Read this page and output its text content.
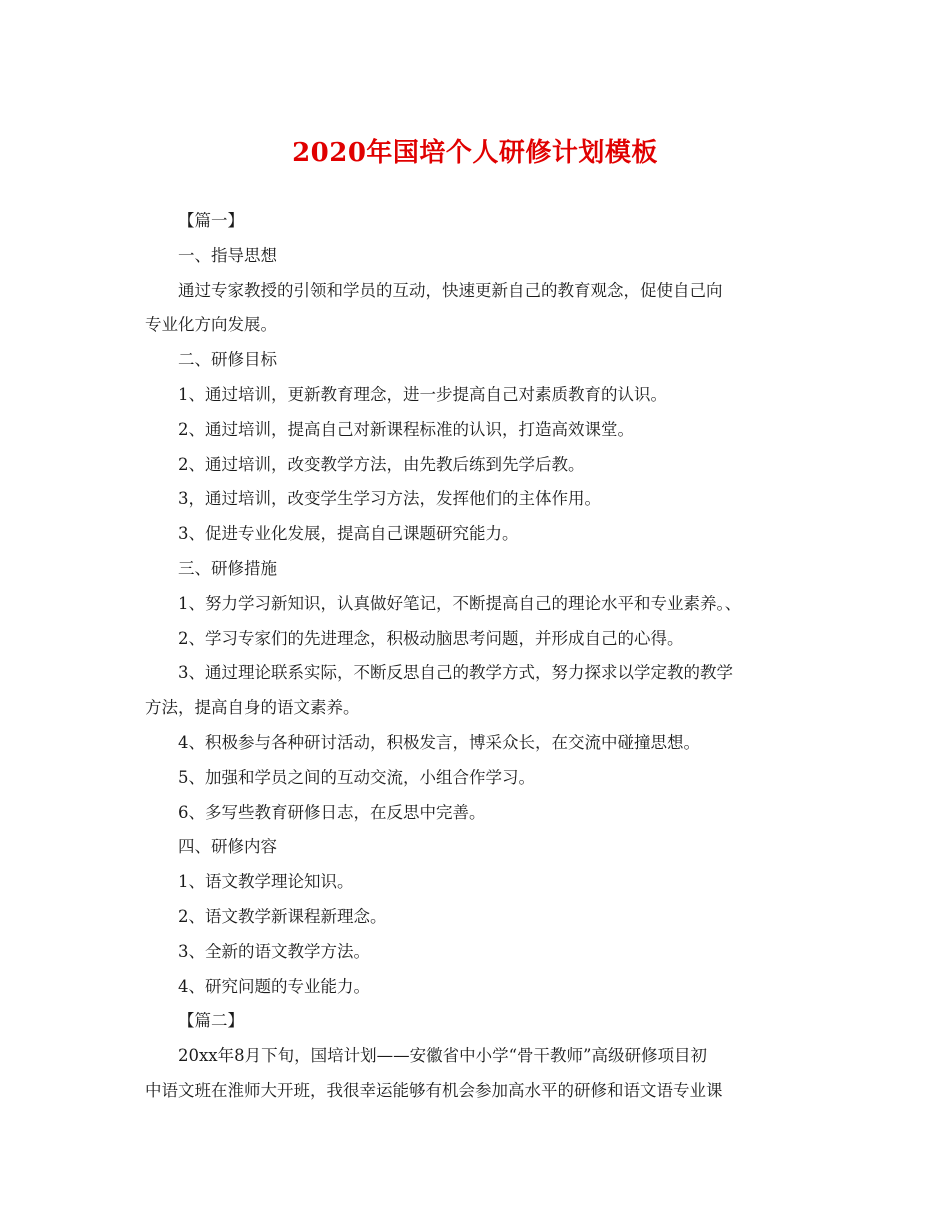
2020年国培个人研修计划模板
【篇一】
一、指导思想
通过专家教授的引领和学员的互动，快速更新自己的教育观念，促使自己向
专业化方向发展。
二、研修目标
1、通过培训，更新教育理念，进一步提高自己对素质教育的认识。
2、通过培训，提高自己对新课程标准的认识，打造高效课堂。
2、通过培训，改变教学方法，由先教后练到先学后教。
3，通过培训，改变学生学习方法，发挥他们的主体作用。
3、促进专业化发展，提高自己课题研究能力。
三、研修措施
1、努力学习新知识，认真做好笔记，不断提高自己的理论水平和专业素养。、
2、学习专家们的先进理念，积极动脑思考问题，并形成自己的心得。
3、通过理论联系实际，不断反思自己的教学方式，努力探求以学定教的教学
方法，提高自身的语文素养。
4、积极参与各种研讨活动，积极发言，博采众长，在交流中碰撞思想。
5、加强和学员之间的互动交流，小组合作学习。
6、多写些教育研修日志，在反思中完善。
四、研修内容
1、语文教学理论知识。
2、语文教学新课程新理念。
3、全新的语文教学方法。
4、研究问题的专业能力。
【篇二】
20xx年8月下旬，国培计划——安徽省中小学“骨干教师”高级研修项目初
中语文班在淮师大开班，我很幸运能够有机会参加高水平的研修和语文语专业课
